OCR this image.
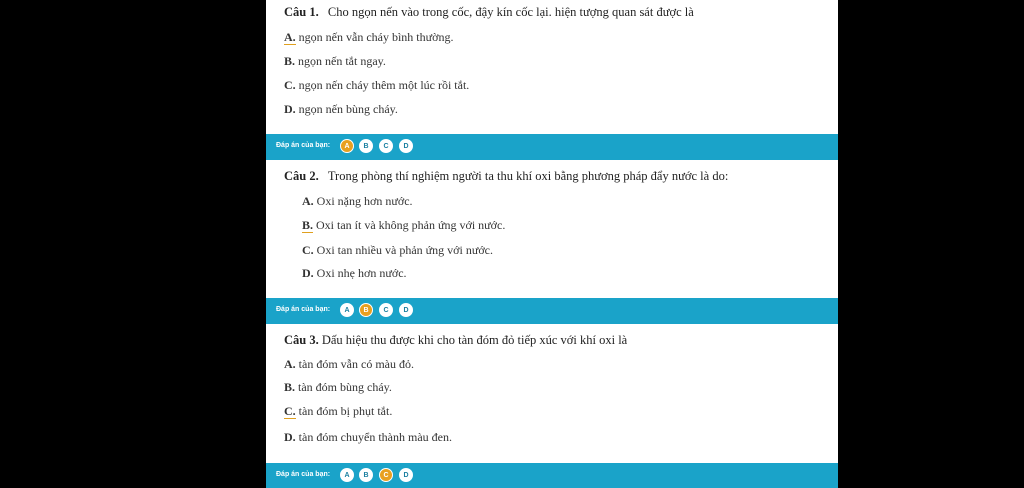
Câu 1. Cho ngọn nến vào trong cốc, đậy kín cốc lại. hiện tượng quan sát được là
A. ngọn nến vẫn cháy bình thường.
B. ngọn nến tắt ngay.
C. ngọn nến cháy thêm một lúc rồi tắt.
D. ngọn nến bùng cháy.
Đáp án của bạn:	A	B	C	D
Câu 2. Trong phòng thí nghiệm người ta thu khí oxi bằng phương pháp đẩy nước là do:
A. Oxi nặng hơn nước.
B. Oxi tan ít và không phản ứng với nước.
C. Oxi tan nhiều và phản ứng với nước.
D. Oxi nhẹ hơn nước.
Đáp án của bạn:	A	B	C	D
Câu 3. Dấu hiệu thu được khi cho tàn đóm đỏ tiếp xúc với khí oxi là
A. tàn đóm vẫn có màu đỏ.
B. tàn đóm bùng cháy.
C. tàn đóm bị phụt tắt.
D. tàn đóm chuyển thành màu đen.
Đáp án của bạn:	A	B	C	D
